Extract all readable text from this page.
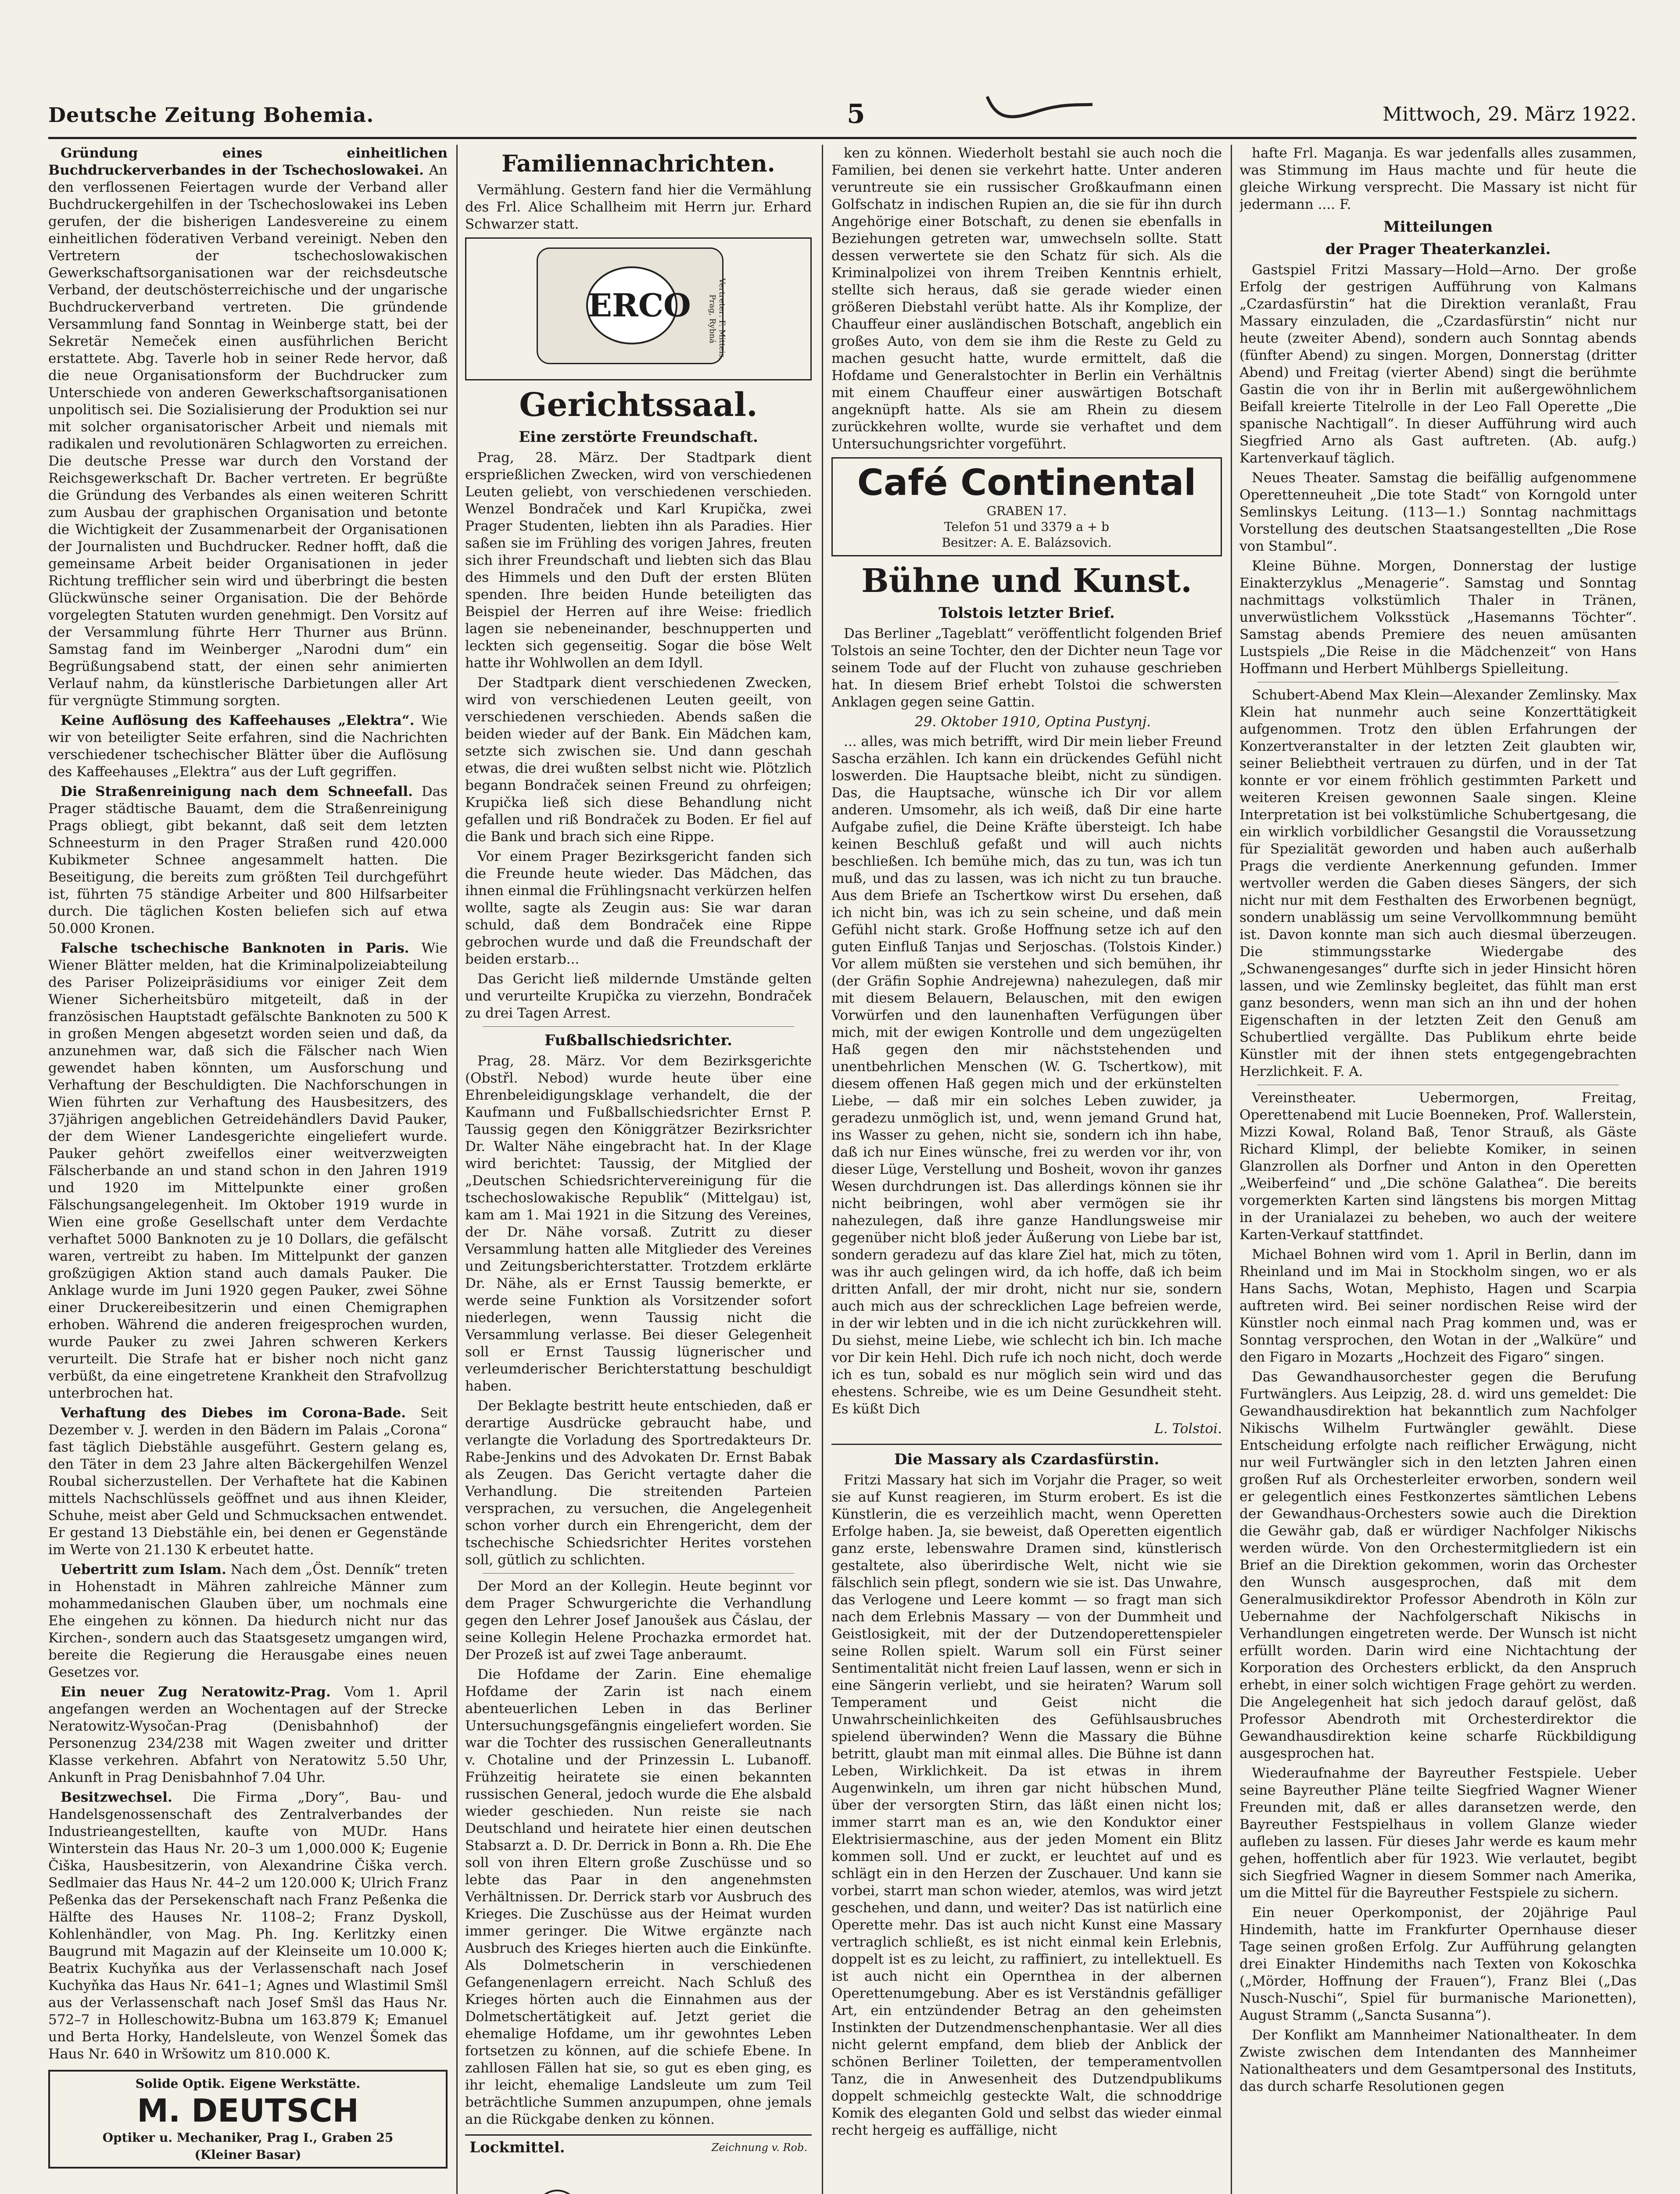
Deutsche Zeitung Bohemia.	5	Mittwoch, 29. März 1922.

Gründung eines einheitlichen Buchdruckerverbandes in der Tschechoslowakei. An den verflossenen Feiertagen wurde der Verband aller Buchdruckergehilfen in der Tschechoslowakei ins Leben gerufen, der die bisherigen Landesvereine zu einem einheitlichen föderativen Verband vereinigt. Neben den Vertretern der tschechoslowakischen Gewerkschaftsorganisationen war der reichsdeutsche Verband, der deutschösterreichische und der ungarische Buchdruckerverband vertreten. Die gründende Versammlung fand Sonntag in Weinberge statt, bei der Sekretär Nemeček einen ausführlichen Bericht erstattete. Abg. Taverle hob in seiner Rede hervor, daß die neue Organisationsform der Buchdrucker zum Unterschiede von anderen Gewerkschaftsorganisationen unpolitisch sei. Die Sozialisierung der Produktion sei nur mit solcher organisatorischer Arbeit und niemals mit radikalen und revolutionären Schlagworten zu erreichen. Die deutsche Presse war durch den Vorstand der Reichsgewerkschaft Dr. Bacher vertreten. Er begrüßte die Gründung des Verbandes als einen weiteren Schritt zum Ausbau der graphischen Organisation und betonte die Wichtigkeit der Zusammenarbeit der Organisationen der Journalisten und Buchdrucker. Redner hofft, daß die gemeinsame Arbeit beider Organisationen in jeder Richtung trefflicher sein wird und überbringt die besten Glückwünsche seiner Organisation. Die der Behörde vorgelegten Statuten wurden genehmigt. Den Vorsitz auf der Versammlung führte Herr Thurner aus Brünn. Samstag fand im Weinberger „Narodni dum“ ein Begrüßungsabend statt, der einen sehr animierten Verlauf nahm, da künstlerische Darbietungen aller Art für vergnügte Stimmung sorgten.

Keine Auflösung des Kaffeehauses „Elektra“. Wie wir von beteiligter Seite erfahren, sind die Nachrichten verschiedener tschechischer Blätter über die Auflösung des Kaffeehauses „Elektra“ aus der Luft gegriffen.

Die Straßenreinigung nach dem Schneefall. Das Prager städtische Bauamt, dem die Straßenreinigung Prags obliegt, gibt bekannt, daß seit dem letzten Schneesturm in den Prager Straßen rund 420.000 Kubikmeter Schnee angesammelt hatten. Die Beseitigung, die bereits zum größten Teil durchgeführt ist, führten 75 ständige Arbeiter und 800 Hilfsarbeiter durch. Die täglichen Kosten beliefen sich auf etwa 50.000 Kronen.

Falsche tschechische Banknoten in Paris. Wie Wiener Blätter melden, hat die Kriminalpolizeiabteilung des Pariser Polizeipräsidiums vor einiger Zeit dem Wiener Sicherheitsbüro mitgeteilt, daß in der französischen Hauptstadt gefälschte Banknoten zu 500 K in großen Mengen abgesetzt worden seien und daß, da anzunehmen war, daß sich die Fälscher nach Wien gewendet haben könnten, um Ausforschung und Verhaftung der Beschuldigten. Die Nachforschungen in Wien führten zur Verhaftung des Hausbesitzers, des 37jährigen angeblichen Getreidehändlers David Pauker, der dem Wiener Landesgerichte eingeliefert wurde. Pauker gehört zweifellos einer weitverzweigten Fälscherbande an und stand schon in den Jahren 1919 und 1920 im Mittelpunkte einer großen Fälschungsangelegenheit. Im Oktober 1919 wurde in Wien eine große Gesellschaft unter dem Verdachte verhaftet 5000 Banknoten zu je 10 Dollars, die gefälscht waren, vertreibt zu haben. Im Mittelpunkt der ganzen großzügigen Aktion stand auch damals Pauker. Die Anklage wurde im Juni 1920 gegen Pauker, zwei Söhne einer Druckereibesitzerin und einen Chemigraphen erhoben. Während die anderen freigesprochen wurden, wurde Pauker zu zwei Jahren schweren Kerkers verurteilt. Die Strafe hat er bisher noch nicht ganz verbüßt, da eine eingetretene Krankheit den Strafvollzug unterbrochen hat.

Verhaftung des Diebes im Corona-Bade. Seit Dezember v. J. werden in den Bädern im Palais „Corona“ fast täglich Diebstähle ausgeführt. Gestern gelang es, den Täter in dem 23 Jahre alten Bäckergehilfen Wenzel Roubal sicherzustellen. Der Verhaftete hat die Kabinen mittels Nachschlüssels geöffnet und aus ihnen Kleider, Schuhe, meist aber Geld und Schmucksachen entwendet. Er gestand 13 Diebstähle ein, bei denen er Gegenstände im Werte von 21.130 K erbeutet hatte.

Uebertritt zum Islam. Nach dem „Öst. Denník“ treten in Hohenstadt in Mähren zahlreiche Männer zum mohammedanischen Glauben über, um nochmals eine Ehe eingehen zu können. Da hiedurch nicht nur das Kirchen-, sondern auch das Staatsgesetz umgangen wird, bereite die Regierung die Herausgabe eines neuen Gesetzes vor.

Ein neuer Zug Neratowitz-Prag. Vom 1. April angefangen werden an Wochentagen auf der Strecke Neratowitz-Wysočan-Prag (Denisbahnhof) der Personenzug 234/238 mit Wagen zweiter und dritter Klasse verkehren. Abfahrt von Neratowitz 5.50 Uhr, Ankunft in Prag Denisbahnhof 7.04 Uhr.

Besitzwechsel. Die Firma „Dory“, Bau- und Handelsgenossenschaft des Zentralverbandes der Industrieangestellten, kaufte von MUDr. Hans Winterstein das Haus Nr. 20–3 um 1,000.000 K; Eugenie Čiška, Hausbesitzerin, von Alexandrine Čiška verch. Sedlmaier das Haus Nr. 44–2 um 120.000 K; Ulrich Franz Peßenka das der Persekenschaft nach Franz Peßenka die Hälfte des Hauses Nr. 1108–2; Franz Dyskoll, Kohlenhändler, von Mag. Ph. Ing. Kerlitzky einen Baugrund mit Magazin auf der Kleinseite um 10.000 K; Beatrix Kuchyňka aus der Verlassenschaft nach Josef Kuchyňka das Haus Nr. 641–1; Agnes und Wlastimil Smšl aus der Verlassenschaft nach Josef Smšl das Haus Nr. 572–7 in Holleschowitz-Bubna um 163.879 K; Emanuel und Berta Horky, Handelsleute, von Wenzel Šomek das Haus Nr. 640 in Wršowitz um 810.000 K.

Solide Optik. Eigene Werkstätte.
M. DEUTSCH
Optiker u. Mechaniker, Prag I., Graben 25
(Kleiner Basar)
Familiennachrichten.

Vermählung. Gestern fand hier die Vermählung des Frl. Alice Schallheim mit Herrn jur. Erhard Schwarzer statt.

ERCO	Vertreter: F. Mitteis, Prag, Rybná
Gerichtssaal.
Eine zerstörte Freundschaft.

Prag, 28. März. Der Stadtpark dient ersprießlichen Zwecken, wird von verschiedenen Leuten geliebt, von verschiedenen verschieden. Wenzel Bondraček und Karl Krupička, zwei Prager Studenten, liebten ihn als Paradies. Hier saßen sie im Frühling des vorigen Jahres, freuten sich ihrer Freundschaft und liebten sich das Blau des Himmels und den Duft der ersten Blüten spenden. Ihre beiden Hunde beteiligten das Beispiel der Herren auf ihre Weise: friedlich lagen sie nebeneinander, beschnupperten und leckten sich gegenseitig. Sogar die böse Welt hatte ihr Wohlwollen an dem Idyll.

Der Stadtpark dient verschiedenen Zwecken, wird von verschiedenen Leuten geeilt, von verschiedenen verschieden. Abends saßen die beiden wieder auf der Bank. Ein Mädchen kam, setzte sich zwischen sie. Und dann geschah etwas, die drei wußten selbst nicht wie. Plötzlich begann Bondraček seinen Freund zu ohrfeigen; Krupička ließ sich diese Behandlung nicht gefallen und riß Bondraček zu Boden. Er fiel auf die Bank und brach sich eine Rippe.

Vor einem Prager Bezirksgericht fanden sich die Freunde heute wieder. Das Mädchen, das ihnen einmal die Frühlingsnacht verkürzen helfen wollte, sagte als Zeugin aus: Sie war daran schuld, daß dem Bondraček eine Rippe gebrochen wurde und daß die Freundschaft der beiden erstarb...

Das Gericht ließ mildernde Umstände gelten und verurteilte Krupička zu vierzehn, Bondraček zu drei Tagen Arrest.

Fußballschiedsrichter.

Prag, 28. März. Vor dem Bezirksgerichte (Obstřl. Nebod) wurde heute über eine Ehrenbeleidigungsklage verhandelt, die der Kaufmann und Fußballschiedsrichter Ernst P. Taussig gegen den Königgrätzer Bezirksrichter Dr. Walter Nähe eingebracht hat. In der Klage wird berichtet: Taussig, der Mitglied der „Deutschen Schiedsrichtervereinigung für die tschechoslowakische Republik“ (Mittelgau) ist, kam am 1. Mai 1921 in die Sitzung des Vereines, der Dr. Nähe vorsaß. Zutritt zu dieser Versammlung hatten alle Mitglieder des Vereines und Zeitungsberichterstatter. Trotzdem erklärte Dr. Nähe, als er Ernst Taussig bemerkte, er werde seine Funktion als Vorsitzender sofort niederlegen, wenn Taussig nicht die Versammlung verlasse. Bei dieser Gelegenheit soll er Ernst Taussig lügnerischer und verleumderischer Berichterstattung beschuldigt haben.

Der Beklagte bestritt heute entschieden, daß er derartige Ausdrücke gebraucht habe, und verlangte die Vorladung des Sportredakteurs Dr. Rabe-Jenkins und des Advokaten Dr. Ernst Babak als Zeugen. Das Gericht vertagte daher die Verhandlung. Die streitenden Parteien versprachen, zu versuchen, die Angelegenheit schon vorher durch ein Ehrengericht, dem der tschechische Schiedsrichter Herites vorstehen soll, gütlich zu schlichten.

Der Mord an der Kollegin. Heute beginnt vor dem Prager Schwurgerichte die Verhandlung gegen den Lehrer Josef Janoušek aus Čáslau, der seine Kollegin Helene Prochazka ermordet hat. Der Prozeß ist auf zwei Tage anberaumt.

Die Hofdame der Zarin. Eine ehemalige Hofdame der Zarin ist nach einem abenteuerlichen Leben in das Berliner Untersuchungsgefängnis eingeliefert worden. Sie war die Tochter des russischen Generalleutnants v. Chotaline und der Prinzessin L. Lubanoff. Frühzeitig heiratete sie einen bekannten russischen General, jedoch wurde die Ehe alsbald wieder geschieden. Nun reiste sie nach Deutschland und heiratete hier einen deutschen Stabsarzt a. D. Dr. Derrick in Bonn a. Rh. Die Ehe soll von ihren Eltern große Zuschüsse und so lebte das Paar in den angenehmsten Verhältnissen. Dr. Derrick starb vor Ausbruch des Krieges. Die Zuschüsse aus der Heimat wurden immer geringer. Die Witwe ergänzte nach Ausbruch des Krieges hierten auch die Einkünfte. Als Dolmetscherin in verschiedenen Gefangenenlagern erreicht. Nach Schluß des Krieges hörten auch die Einnahmen aus der Dolmetschertätigkeit auf. Jetzt geriet die ehemalige Hofdame, um ihr gewohntes Leben fortsetzen zu können, auf die schiefe Ebene. In zahllosen Fällen hat sie, so gut es eben ging, es ihr leicht, ehemalige Landsleute um zum Teil beträchtliche Summen anzupumpen, ohne jemals an die Rückgabe denken zu können.

Lockmittel.	Zeichnung v. Rob.

ken zu können. Wiederholt bestahl sie auch noch die Familien, bei denen sie verkehrt hatte. Unter anderen veruntreute sie ein russischer Großkaufmann einen Golfschatz in indischen Rupien an, die sie für ihn durch Angehörige einer Botschaft, zu denen sie ebenfalls in Beziehungen getreten war, umwechseln sollte. Statt dessen verwertete sie den Schatz für sich. Als die Kriminalpolizei von ihrem Treiben Kenntnis erhielt, stellte sich heraus, daß sie gerade wieder einen größeren Diebstahl verübt hatte. Als ihr Komplize, der Chauffeur einer ausländischen Botschaft, angeblich ein großes Auto, von dem sie ihm die Reste zu Geld zu machen gesucht hatte, wurde ermittelt, daß die Hofdame und Generalstochter in Berlin ein Verhältnis mit einem Chauffeur einer auswärtigen Botschaft angeknüpft hatte. Als sie am Rhein zu diesem zurückkehren wollte, wurde sie verhaftet und dem Untersuchungsrichter vorgeführt.

Café Continental
GRABEN 17.
Telefon 51 und 3379 a + b
Besitzer: A. E. Balázsovich.
Bühne und Kunst.
Tolstois letzter Brief.

Das Berliner „Tageblatt“ veröffentlicht folgenden Brief Tolstois an seine Tochter, den der Dichter neun Tage vor seinem Tode auf der Flucht von zuhause geschrieben hat. In diesem Brief erhebt Tolstoi die schwersten Anklagen gegen seine Gattin.

29. Oktober 1910, Optina Pustynj.

... alles, was mich betrifft, wird Dir mein lieber Freund Sascha erzählen. Ich kann ein drückendes Gefühl nicht loswerden. Die Hauptsache bleibt, nicht zu sündigen. Das, die Hauptsache, wünsche ich Dir vor allem anderen. Umsomehr, als ich weiß, daß Dir eine harte Aufgabe zufiel, die Deine Kräfte übersteigt. Ich habe keinen Beschluß gefaßt und will auch nichts beschließen. Ich bemühe mich, das zu tun, was ich tun muß, und das zu lassen, was ich nicht zu tun brauche. Aus dem Briefe an Tschertkow wirst Du ersehen, daß ich nicht bin, was ich zu sein scheine, und daß mein Gefühl nicht stark. Große Hoffnung setze ich auf den guten Einfluß Tanjas und Serjoschas. (Tolstois Kinder.) Vor allem müßten sie verstehen und sich bemühen, ihr (der Gräfin Sophie Andrejewna) nahezulegen, daß mir mit diesem Belauern, Belauschen, mit den ewigen Vorwürfen und den launenhaften Verfügungen über mich, mit der ewigen Kontrolle und dem ungezügelten Haß gegen den mir nächststehenden und unentbehrlichen Menschen (W. G. Tschertkow), mit diesem offenen Haß gegen mich und der erkünstelten Liebe, — daß mir ein solches Leben zuwider, ja geradezu unmöglich ist, und, wenn jemand Grund hat, ins Wasser zu gehen, nicht sie, sondern ich ihn habe, daß ich nur Eines wünsche, frei zu werden vor ihr, von dieser Lüge, Verstellung und Bosheit, wovon ihr ganzes Wesen durchdrungen ist. Das allerdings können sie ihr nicht beibringen, wohl aber vermögen sie ihr nahezulegen, daß ihre ganze Handlungsweise mir gegenüber nicht bloß jeder Äußerung von Liebe bar ist, sondern geradezu auf das klare Ziel hat, mich zu töten, was ihr auch gelingen wird, da ich hoffe, daß ich beim dritten Anfall, der mir droht, nicht nur sie, sondern auch mich aus der schrecklichen Lage befreien werde, in der wir lebten und in die ich nicht zurückkehren will. Du siehst, meine Liebe, wie schlecht ich bin. Ich mache vor Dir kein Hehl. Dich rufe ich noch nicht, doch werde ich es tun, sobald es nur möglich sein wird und das ehestens. Schreibe, wie es um Deine Gesundheit steht. Es küßt Dich

L. Tolstoi.

Die Massary als Czardasfürstin.

Fritzi Massary hat sich im Vorjahr die Prager, so weit sie auf Kunst reagieren, im Sturm erobert. Es ist die Künstlerin, die es verzeihlich macht, wenn Operetten Erfolge haben. Ja, sie beweist, daß Operetten eigentlich ganz erste, lebenswahre Dramen sind, künstlerisch gestaltete, also überirdische Welt, nicht wie sie fälschlich sein pflegt, sondern wie sie ist. Das Unwahre, das Verlogene und Leere kommt — so fragt man sich nach dem Erlebnis Massary — von der Dummheit und Geistlosigkeit, mit der der Dutzendoperettenspieler seine Rollen spielt. Warum soll ein Fürst seiner Sentimentalität nicht freien Lauf lassen, wenn er sich in eine Sängerin verliebt, und sie heiraten? Warum soll Temperament und Geist nicht die Unwahrscheinlichkeiten des Gefühlsausbruches spielend überwinden? Wenn die Massary die Bühne betritt, glaubt man mit einmal alles. Die Bühne ist dann Leben, Wirklichkeit. Da ist etwas in ihrem Augenwinkeln, um ihren gar nicht hübschen Mund, über der versorgten Stirn, das läßt einen nicht los; immer starrt man es an, wie den Konduktor einer Elektrisiermaschine, aus der jeden Moment ein Blitz kommen soll. Und er zuckt, er leuchtet auf und es schlägt ein in den Herzen der Zuschauer. Und kann sie vorbei, starrt man schon wieder, atemlos, was wird jetzt geschehen, und dann, und weiter? Das ist natürlich eine Operette mehr. Das ist auch nicht Kunst eine Massary vertraglich schließt, es ist nicht einmal kein Erlebnis, doppelt ist es zu leicht, zu raffiniert, zu intellektuell. Es ist auch nicht ein Opernthea in der albernen Operettenumgebung. Aber es ist Verständnis gefälliger Art, ein entzündender Betrag an den geheimsten Instinkten der Dutzendmenschenphantasie. Wer all dies nicht gelernt empfand, dem blieb der Anblick der schönen Berliner Toiletten, der temperamentvollen Tanz, die in Anwesenheit des Dutzendpublikums doppelt schmeichlg gesteckte Walt, die schnoddrige Komik des eleganten Gold und selbst das wieder einmal recht hergeig es auffällige, nicht

hafte Frl. Maganja. Es war jedenfalls alles zusammen, was Stimmung im Haus machte und für heute die gleiche Wirkung versprecht. Die Massary ist nicht für jedermann .... F.

Mitteilungen
der Prager Theaterkanzlei.

Gastspiel Fritzi Massary—Hold—Arno. Der große Erfolg der gestrigen Aufführung von Kalmans „Czardasfürstin“ hat die Direktion veranlaßt, Frau Massary einzuladen, die „Czardasfürstin“ nicht nur heute (zweiter Abend), sondern auch Sonntag abends (fünfter Abend) zu singen. Morgen, Donnerstag (dritter Abend) und Freitag (vierter Abend) singt die berühmte Gastin die von ihr in Berlin mit außergewöhnlichem Beifall kreierte Titelrolle in der Leo Fall Operette „Die spanische Nachtigall“. In dieser Aufführung wird auch Siegfried Arno als Gast auftreten. (Ab. aufg.) Kartenverkauf täglich.

Neues Theater. Samstag die beifällig aufgenommene Operettenneuheit „Die tote Stadt“ von Korngold unter Semlinskys Leitung. (113—1.) Sonntag nachmittags Vorstellung des deutschen Staatsangestellten „Die Rose von Stambul“.

Kleine Bühne. Morgen, Donnerstag der lustige Einakterzyklus „Menagerie“. Samstag und Sonntag nachmittags volkstümlich Thaler in Tränen, unverwüstlichem Volksstück „Hasemanns Töchter“. Samstag abends Premiere des neuen amüsanten Lustspiels „Die Reise in die Mädchenzeit“ von Hans Hoffmann und Herbert Mühlbergs Spielleitung.

Schubert-Abend Max Klein—Alexander Zemlinsky. Max Klein hat nunmehr auch seine Konzerttätigkeit aufgenommen. Trotz den üblen Erfahrungen der Konzertveranstalter in der letzten Zeit glaubten wir, seiner Beliebtheit vertrauen zu dürfen, und in der Tat konnte er vor einem fröhlich gestimmten Parkett und weiteren Kreisen gewonnen Saale singen. Kleine Interpretation ist bei volkstümliche Schubertgesang, die ein wirklich vorbildlicher Gesangstil die Voraussetzung für Spezialität geworden und haben auch außerhalb Prags die verdiente Anerkennung gefunden. Immer wertvoller werden die Gaben dieses Sängers, der sich nicht nur mit dem Festhalten des Erworbenen begnügt, sondern unablässig um seine Vervollkommnung bemüht ist. Davon konnte man sich auch diesmal überzeugen. Die stimmungsstarke Wiedergabe des „Schwanengesanges“ durfte sich in jeder Hinsicht hören lassen, und wie Zemlinsky begleitet, das fühlt man erst ganz besonders, wenn man sich an ihn und der hohen Eigenschaften in der letzten Zeit den Genuß am Schubertlied vergällte. Das Publikum ehrte beide Künstler mit der ihnen stets entgegengebrachten Herzlichkeit. F. A.

Vereinstheater. Uebermorgen, Freitag, Operettenabend mit Lucie Boenneken, Prof. Wallerstein, Mizzi Kowal, Roland Baß, Tenor Strauß, als Gäste Richard Klimpl, der beliebte Komiker, in seinen Glanzrollen als Dorfner und Anton in den Operetten „Weiberfeind“ und „Die schöne Galathea“. Die bereits vorgemerkten Karten sind längstens bis morgen Mittag in der Uranialazei zu beheben, wo auch der weitere Karten-Verkauf stattfindet.

Michael Bohnen wird vom 1. April in Berlin, dann im Rheinland und im Mai in Stockholm singen, wo er als Hans Sachs, Wotan, Mephisto, Hagen und Scarpia auftreten wird. Bei seiner nordischen Reise wird der Künstler noch einmal nach Prag kommen und, was er Sonntag versprochen, den Wotan in der „Walküre“ und den Figaro in Mozarts „Hochzeit des Figaro“ singen.

Das Gewandhausorchester gegen die Berufung Furtwänglers. Aus Leipzig, 28. d. wird uns gemeldet: Die Gewandhausdirektion hat bekanntlich zum Nachfolger Nikischs Wilhelm Furtwängler gewählt. Diese Entscheidung erfolgte nach reiflicher Erwägung, nicht nur weil Furtwängler sich in den letzten Jahren einen großen Ruf als Orchesterleiter erworben, sondern weil er gelegentlich eines Festkonzertes sämtlichen Lebens der Gewandhaus-Orchesters sowie auch die Direktion die Gewähr gab, daß er würdiger Nachfolger Nikischs werden würde. Von den Orchestermitgliedern ist ein Brief an die Direktion gekommen, worin das Orchester den Wunsch ausgesprochen, daß mit dem Generalmusikdirektor Professor Abendroth in Köln zur Uebernahme der Nachfolgerschaft Nikischs in Verhandlungen eingetreten werde. Der Wunsch ist nicht erfüllt worden. Darin wird eine Nichtachtung der Korporation des Orchesters erblickt, da den Anspruch erhebt, in einer solch wichtigen Frage gehört zu werden. Die Angelegenheit hat sich jedoch darauf gelöst, daß Professor Abendroth mit Orchesterdirektor die Gewandhausdirektion keine scharfe Rückbildigung ausgesprochen hat.

Wiederaufnahme der Bayreuther Festspiele. Ueber seine Bayreuther Pläne teilte Siegfried Wagner Wiener Freunden mit, daß er alles daransetzen werde, den Bayreuther Festspielhaus in vollem Glanze wieder aufleben zu lassen. Für dieses Jahr werde es kaum mehr gehen, hoffentlich aber für 1923. Wie verlautet, begibt sich Siegfried Wagner in diesem Sommer nach Amerika, um die Mittel für die Bayreuther Festspiele zu sichern.

Ein neuer Operkomponist, der 20jährige Paul Hindemith, hatte im Frankfurter Opernhause dieser Tage seinen großen Erfolg. Zur Aufführung gelangten drei Einakter Hindemiths nach Texten von Kokoschka („Mörder, Hoffnung der Frauen“), Franz Blei („Das Nusch-Nuschi“, Spiel für burmanische Marionetten), August Stramm („Sancta Susanna“).

Der Konflikt am Mannheimer Nationaltheater. In dem Zwiste zwischen dem Intendanten des Mannheimer Nationaltheaters und dem Gesamtpersonal des Instituts, das durch scharfe Resolutionen gegen
